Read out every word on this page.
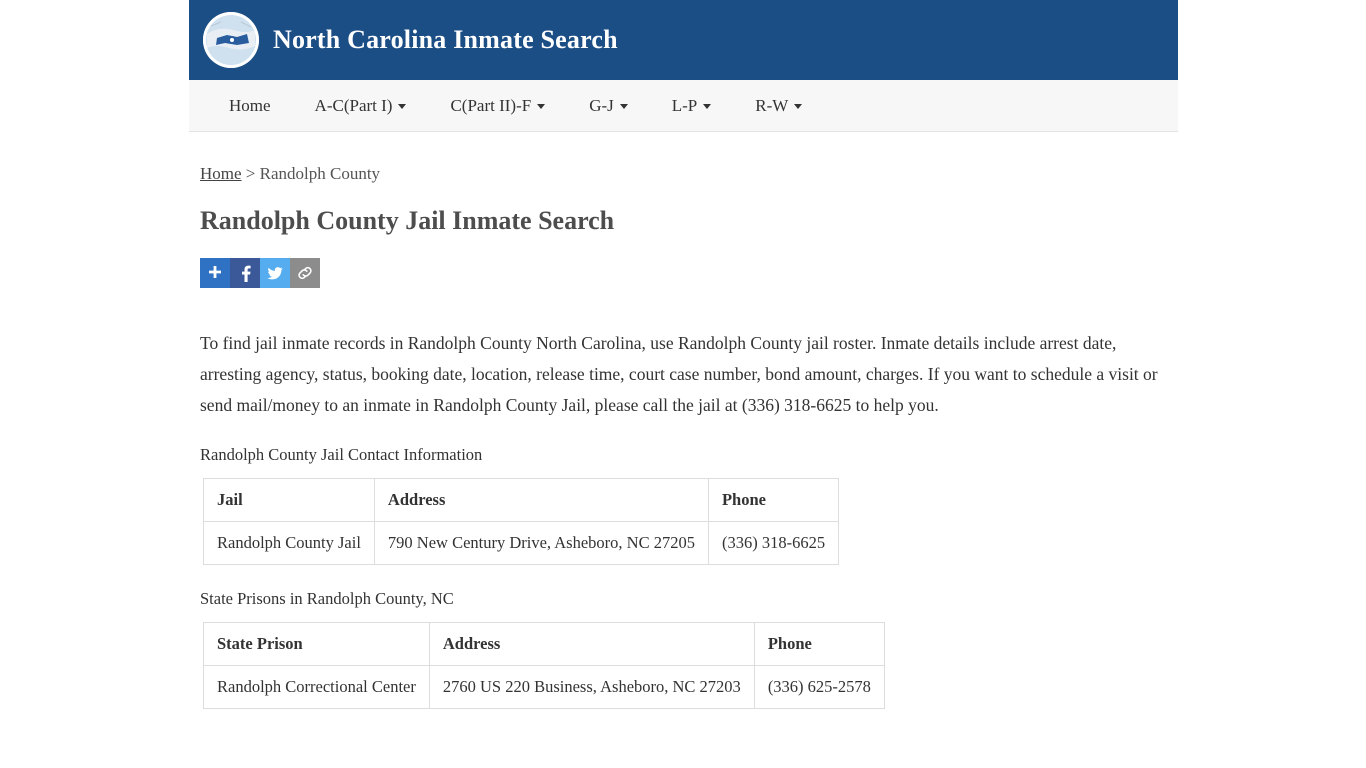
North Carolina Inmate Search
Home	A-C(Part I)	C(Part II)-F	G-J	L-P	R-W
Home > Randolph County
Randolph County Jail Inmate Search

To find jail inmate records in Randolph County North Carolina, use Randolph County jail roster. Inmate details include arrest date, arresting agency, status, booking date, location, release time, court case number, bond amount, charges. If you want to schedule a visit or send mail/money to an inmate in Randolph County Jail, please call the jail at (336) 318-6625 to help you.

Randolph County Jail Contact Information

Jail	Address	Phone
Randolph County Jail	790 New Century Drive, Asheboro, NC 27205	(336) 318-6625

State Prisons in Randolph County, NC

State Prison	Address	Phone
Randolph Correctional Center	2760 US 220 Business, Asheboro, NC 27203	(336) 625-2578
